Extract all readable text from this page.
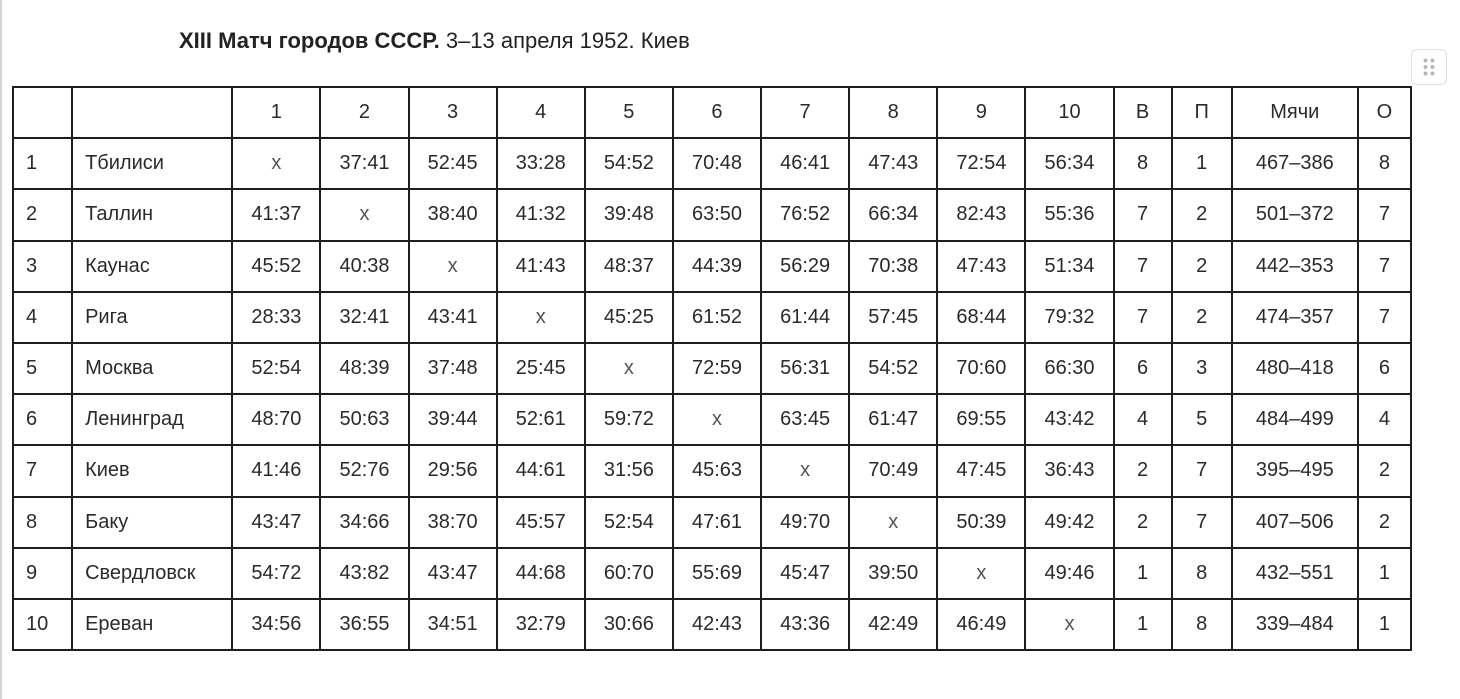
XIII Матч городов СССР. 3–13 апреля 1952. Киев
		1	2	3	4	5	6	7	8	9	10	В	П	Мячи	О
1	Тбилиси	x	37:41	52:45	33:28	54:52	70:48	46:41	47:43	72:54	56:34	8	1	467–386	8
2	Таллин	41:37	x	38:40	41:32	39:48	63:50	76:52	66:34	82:43	55:36	7	2	501–372	7
3	Каунас	45:52	40:38	x	41:43	48:37	44:39	56:29	70:38	47:43	51:34	7	2	442–353	7
4	Рига	28:33	32:41	43:41	x	45:25	61:52	61:44	57:45	68:44	79:32	7	2	474–357	7
5	Москва	52:54	48:39	37:48	25:45	x	72:59	56:31	54:52	70:60	66:30	6	3	480–418	6
6	Ленинград	48:70	50:63	39:44	52:61	59:72	x	63:45	61:47	69:55	43:42	4	5	484–499	4
7	Киев	41:46	52:76	29:56	44:61	31:56	45:63	x	70:49	47:45	36:43	2	7	395–495	2
8	Баку	43:47	34:66	38:70	45:57	52:54	47:61	49:70	x	50:39	49:42	2	7	407–506	2
9	Свердловск	54:72	43:82	43:47	44:68	60:70	55:69	45:47	39:50	x	49:46	1	8	432–551	1
10	Ереван	34:56	36:55	34:51	32:79	30:66	42:43	43:36	42:49	46:49	x	1	8	339–484	1
